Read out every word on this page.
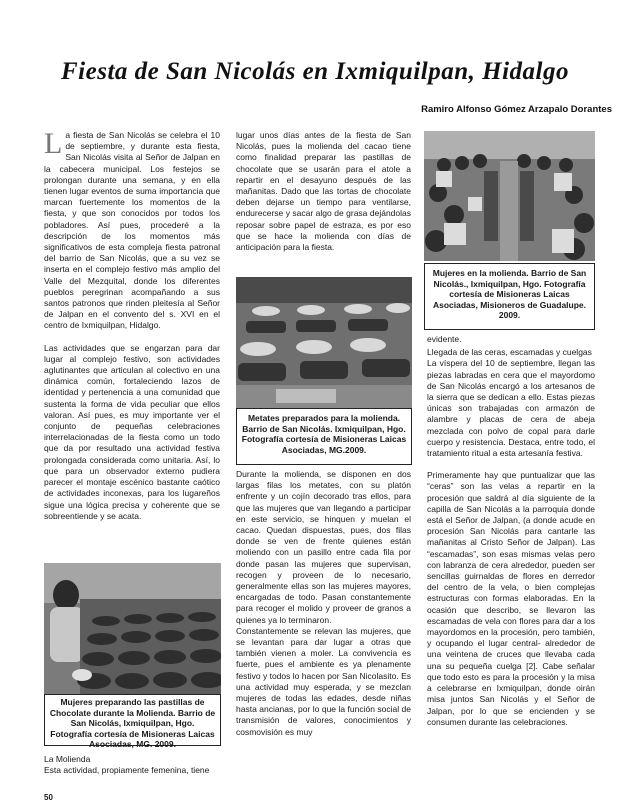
Fiesta de San Nicolás en Ixmiquilpan, Hidalgo
Ramiro Alfonso Gómez Arzapalo Dorantes

La fiesta de San Nicolás se celebra el 10 de septiembre, y durante esta fiesta, San Nicolás visita al Señor de Jalpan en la cabecera municipal. Los festejos se prolongan durante una semana, y en ella tienen lugar eventos de suma importancia que marcan fuertemente los momentos de la fiesta, y que son conocidos por todos los pobladores. Así pues, procederé a la descripción de los momentos más significativos de esta compleja fiesta patronal del barrio de San Nicolás, que a su vez se inserta en el complejo festivo más amplio del Valle del Mezquital, donde los diferentes pueblos peregrinan acompañando a sus santos patronos que rinden pleitesía al Señor de Jalpan en el convento del s. XVI en el centro de Ixmiquilpan, Hidalgo.

Las actividades que se engarzan para dar lugar al complejo festivo, son actividades aglutinantes que articulan al colectivo en una dinámica común, fortaleciendo lazos de identidad y pertenencia a una comunidad que sustenta la forma de vida peculiar que ellos valoran. Así pues, es muy importante ver el conjunto de pequeñas celebraciones interrelacionadas de la fiesta como un todo que da por resultado una actividad festiva prolongada considerada como unitaria. Así, lo que para un observador externo pudiera parecer el montaje escénico bastante caótico de actividades inconexas, para los lugareños sigue una lógica precisa y coherente que se sobreentiende y se acata.

Mujeres preparando las pastillas de Chocolate durante la Molienda. Barrio de San Nicolás, Ixmiquilpan, Hgo. Fotografía cortesía de Misioneras Laicas Asociadas, MG. 2009.
La Molienda
Esta actividad, propiamente femenina, tiene

lugar unos días antes de la fiesta de San Nicolás, pues la molienda del cacao tiene como finalidad preparar las pastillas de chocolate que se usarán para el atole a repartir en el desayuno después de las mañanitas. Dado que las tortas de chocolate deben dejarse un tiempo para ventilarse, endurecerse y sacar algo de grasa dejándolas reposar sobre papel de estraza, es por eso que se hace la molienda con días de anticipación para la fiesta.

Metates preparados para la molienda. Barrio de San Nicolás. Ixmiquilpan, Hgo. Fotografía cortesía de Misioneras Laicas Asociadas, MG.2009.

Durante la molienda, se disponen en dos largas filas los metates, con su platón enfrente y un cojín decorado tras ellos, para que las mujeres que van llegando a participar en este servicio, se hinquen y muelan el cacao. Quedan dispuestas, pues, dos filas donde se ven de frente quienes están moliendo con un pasillo entre cada fila por donde pasan las mujeres que supervisan, recogen y proveen de lo necesario, generalmente ellas son las mujeres mayores, encargadas de todo. Pasan constantemente para recoger el molido y proveer de granos a quienes ya lo terminaron.

Constantemente se relevan las mujeres, que se levantan para dar lugar a otras que también vienen a moler. La convivencia es fuerte, pues el ambiente es ya plenamente festivo y todos lo hacen por San Nicolasito. Es una actividad muy esperada, y se mezclan mujeres de todas las edades, desde niñas hasta ancianas, por lo que la función social de transmisión de valores, conocimientos y cosmovisión es muy

Mujeres en la molienda. Barrio de San Nicolás., Ixmiquilpan, Hgo. Fotografía cortesía de Misioneras Laicas Asociadas, Misioneros de Guadalupe. 2009.
evidente.
Llegada de las ceras, escamadas y cuelgas

La víspera del 10 de septiembre, llegan las piezas labradas en cera que el mayordomo de San Nicolás encargó a los artesanos de la sierra que se dedican a ello. Estas piezas únicas son trabajadas con armazón de alambre y placas de cera de abeja mezclada con polvo de copal para darle cuerpo y resistencia. Destaca, entre todo, el tratamiento ritual a esta artesanía festiva.

Primeramente hay que puntualizar que las “ceras” son las velas a repartir en la procesión que saldrá al día siguiente de la capilla de San Nicolás a la parroquia donde está el Señor de Jalpan, (a donde acude en procesión San Nicolás para cantarle las mañanitas al Cristo Señor de Jalpan). Las “escamadas”, son esas mismas velas pero con labranza de cera alrededor, pueden ser sencillas guirnaldas de flores en derredor del centro de la vela, o bien complejas estructuras con formas elaboradas. En la ocasión que describo, se llevaron las escamadas de vela con flores para dar a los mayordomos en la procesión, pero también, y ocupando el lugar central- alrededor de una veintena de cruces que llevaba cada una su pequeña cuelga [2]. Cabe señalar que todo esto es para la procesión y la misa a celebrarse en Ixmiquilpan, donde oirán misa juntos San Nicolás y el Señor de Jalpan, por lo que se encienden y se consumen durante las celebraciones.

50
